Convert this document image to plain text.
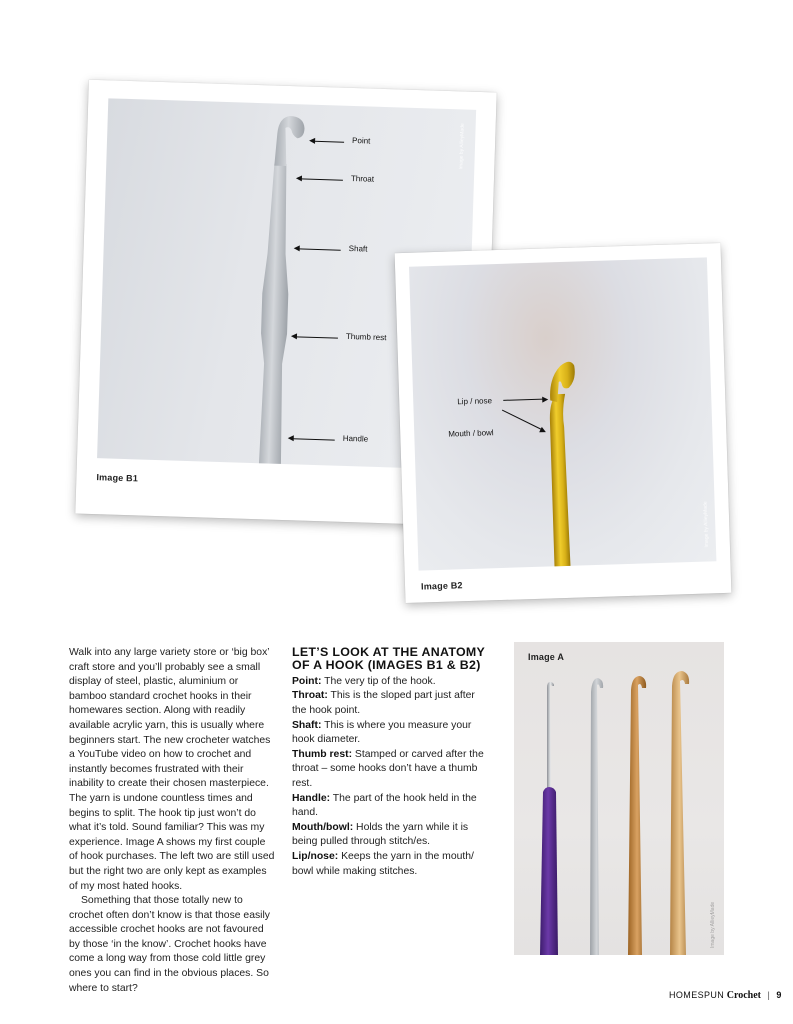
Image by AllieyMade
Point
Throat
Shaft
Thumb rest
Handle
Image B1
Image by AllieyMade
Lip / nose
Mouth / bowl
Image B2

Walk into any large variety store or ‘big box’ craft store and you’ll probably see a small display of steel, plastic, aluminium or bamboo standard crochet hooks in their homewares section. Along with readily available acrylic yarn, this is usually where beginners start. The new crocheter watches a YouTube video on how to crochet and instantly becomes frustrated with their inability to create their chosen masterpiece. The yarn is undone countless times and begins to split. The hook tip just won’t do what it’s told. Sound familiar? This was my experience. Image A shows my first couple of hook purchases. The left two are still used but the right two are only kept as examples of my most hated hooks.

Something that those totally new to crochet often don’t know is that those easily accessible crochet hooks are not favoured by those ‘in the know’. Crochet hooks have come a long way from those cold little grey ones you can find in the obvious places. So where to start?

LET’S LOOK AT THE ANATOMY OF A HOOK (IMAGES B1 & B2)

Point: The very tip of the hook.

Throat: This is the sloped part just after the hook point.

Shaft: This is where you measure your hook diameter.

Thumb rest: Stamped or carved after the throat – some hooks don’t have a thumb rest.

Handle: The part of the hook held in the hand.

Mouth/bowl: Holds the yarn while it is being pulled through stitch/es.

Lip/nose: Keeps the yarn in the mouth/ bowl while making stitches.

Image A
Image by AllieyMade
HOMESPUN Crochet | 9
